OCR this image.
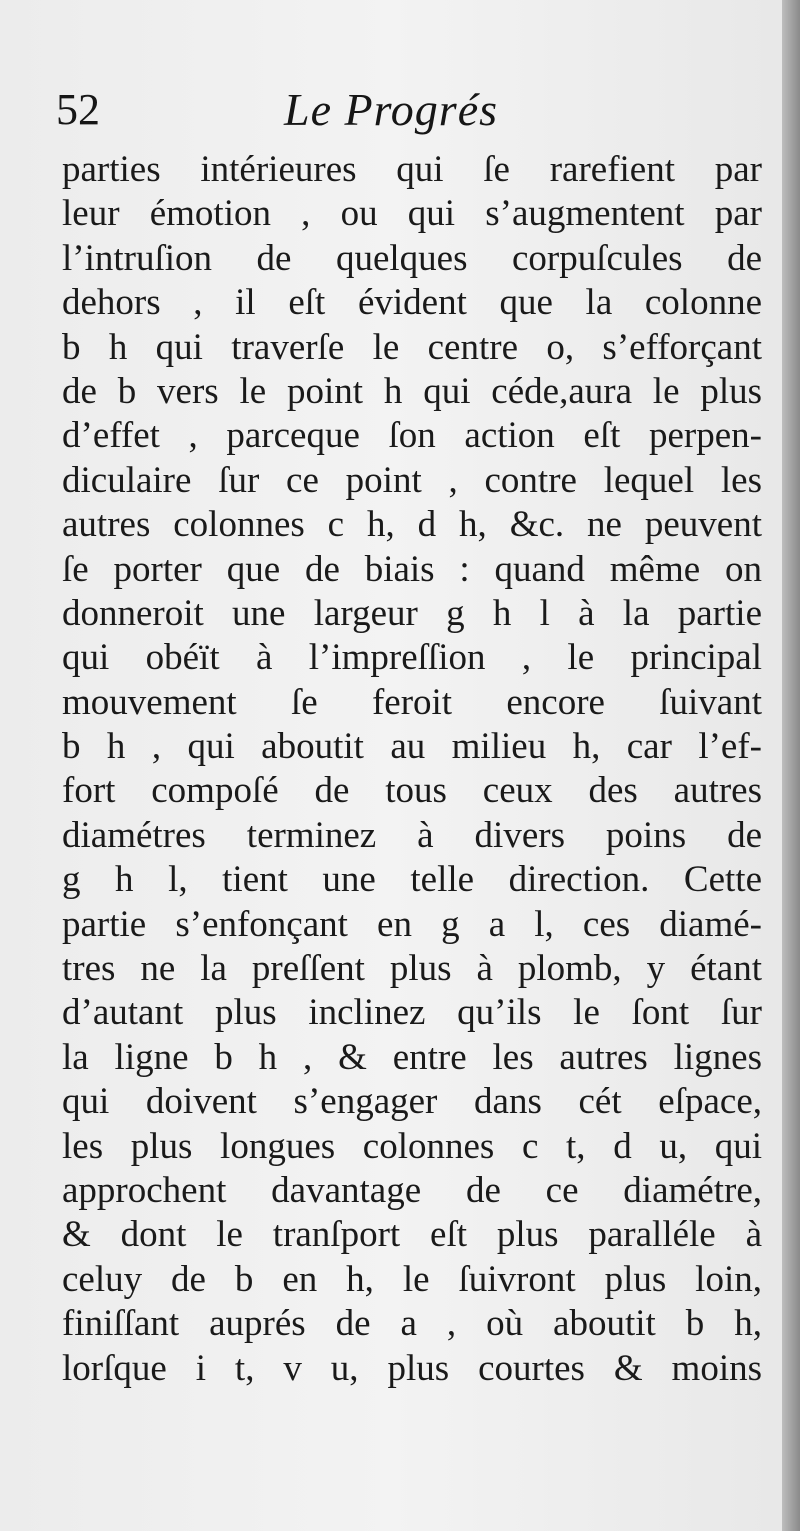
52	Le Progrés
parties intérieures qui ſe rarefient par
leur émotion , ou qui s’augmentent par
l’intruſion de quelques corpuſcules de
dehors , il eſt évident que la colonne
b h qui traverſe le centre o, s’efforçant
de b vers le point h qui céde,aura le plus
d’effet , parceque ſon action eſt perpen-
diculaire ſur ce point , contre lequel les
autres colonnes c h, d h, &c. ne peuvent
ſe porter que de biais : quand même on
donneroit une largeur g h l à la partie
qui obéït à l’impreſſion , le principal
mouvement ſe feroit encore ſuivant
b h , qui aboutit au milieu h, car l’ef-
fort compoſé de tous ceux des autres
diamétres terminez à divers poins de
g h l, tient une telle direction. Cette
partie s’enfonçant en g a l, ces diamé-
tres ne la preſſent plus à plomb, y étant
d’autant plus inclinez qu’ils le ſont ſur
la ligne b h , & entre les autres lignes
qui doivent s’engager dans cét eſpace,
les plus longues colonnes c t, d u, qui
approchent davantage de ce diamétre,
& dont le tranſport eſt plus paralléle à
celuy de b en h, le ſuivront plus loin,
finiſſant auprés de a , où aboutit b h,
lorſque i t, v u, plus courtes & moins
